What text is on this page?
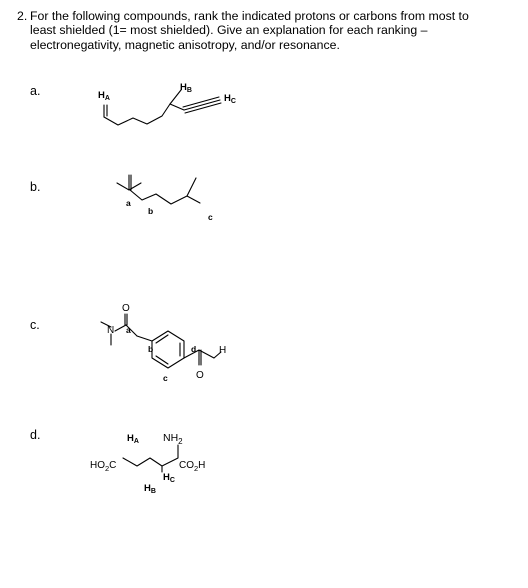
2. For the following compounds, rank the indicated protons or carbons from most to

least shielded (1= most shielded). Give an explanation for each ranking –

electronegativity, magnetic anisotropy, and/or resonance.

a.
b.
c.
d.
$H_A$
$H_B$
$H_C$
a
b
c
O
N a
b
c
d H
O
$H_A$ $NH_2$
$HO_2C$	$CO_2H$
$H_C$
$H_B$
